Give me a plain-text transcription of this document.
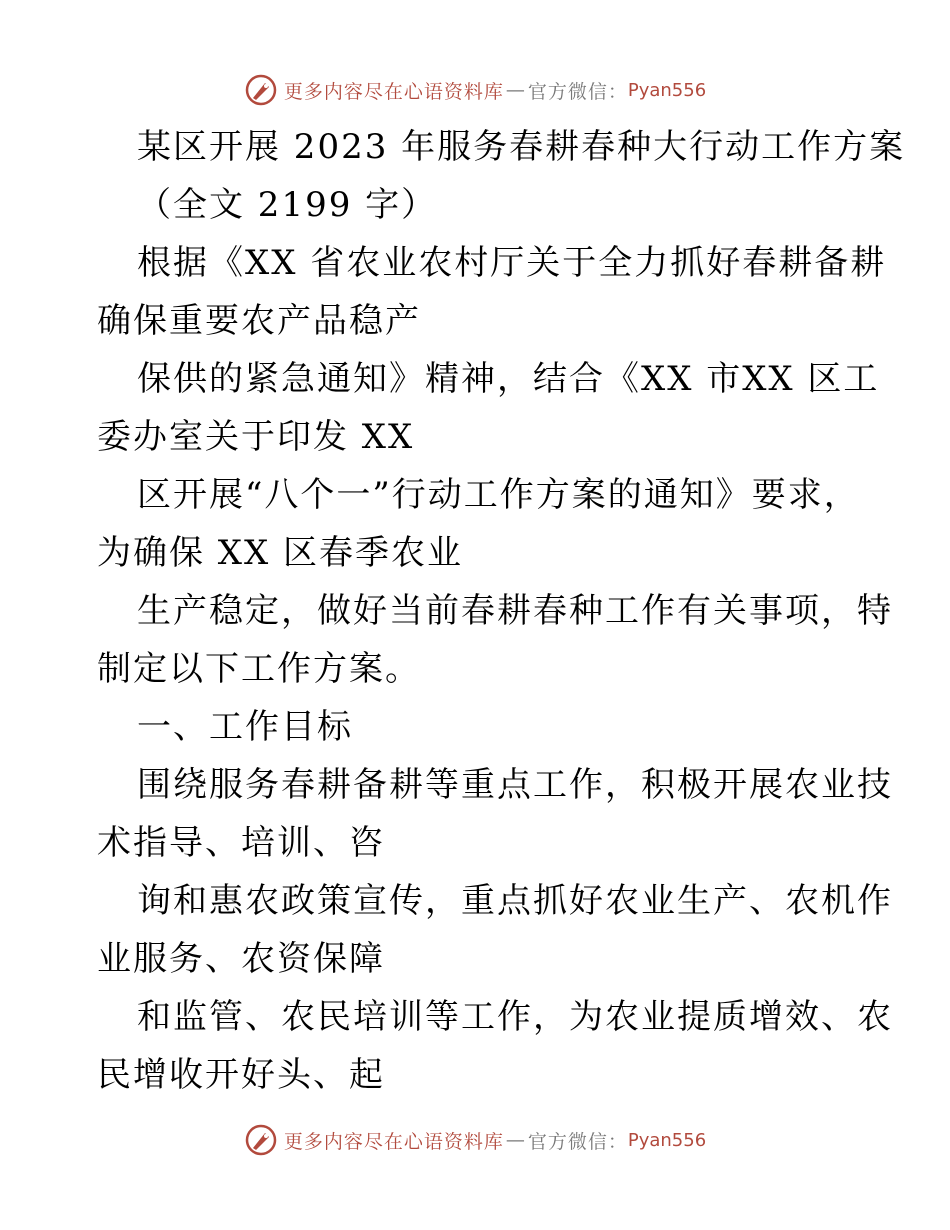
更多内容尽在心语资料库 — 官方微信： Pyan556
某区开展 2023 年服务春耕春种大行动工作方案
（全文 2199 字）
根据《XX 省农业农村厅关于全力抓好春耕备耕
确保重要农产品稳产
保供的紧急通知》精神，结合《XX 市XX 区工
委办室关于印发 XX
区开展“八个一”行动工作方案的通知》要求，
为确保 XX 区春季农业
生产稳定，做好当前春耕春种工作有关事项，特
制定以下工作方案。
一、工作目标
围绕服务春耕备耕等重点工作，积极开展农业技
术指导、培训、咨
询和惠农政策宣传，重点抓好农业生产、农机作
业服务、农资保障
和监管、农民培训等工作，为农业提质增效、农
民增收开好头、起
更多内容尽在心语资料库 — 官方微信： Pyan556
